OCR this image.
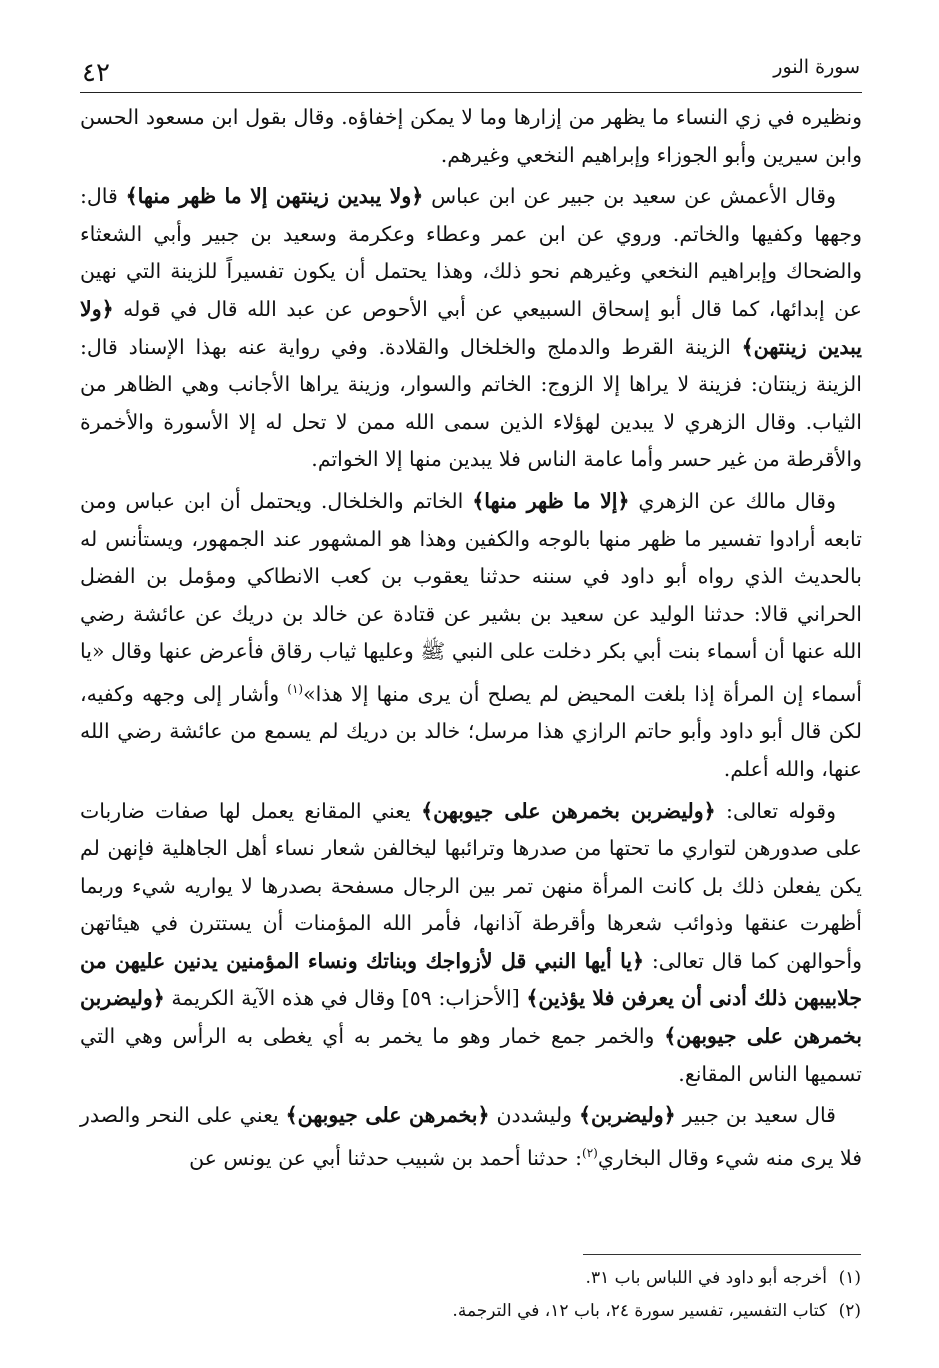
سورة النور
٤٢

ونظيره في زي النساء ما يظهر من إزارها وما لا يمكن إخفاؤه. وقال بقول ابن مسعود الحسن وابن سيرين وأبو الجوزاء وإبراهيم النخعي وغيرهم.

وقال الأعمش عن سعيد بن جبير عن ابن عباس ﴿ولا يبدين زينتهن إلا ما ظهر منها﴾ قال: وجهها وكفيها والخاتم. وروي عن ابن عمر وعطاء وعكرمة وسعيد بن جبير وأبي الشعثاء والضحاك وإبراهيم النخعي وغيرهم نحو ذلك، وهذا يحتمل أن يكون تفسيراً للزينة التي نهين عن إبدائها، كما قال أبو إسحاق السبيعي عن أبي الأحوص عن عبد الله قال في قوله ﴿ولا يبدين زينتهن﴾ الزينة القرط والدملج والخلخال والقلادة. وفي رواية عنه بهذا الإسناد قال: الزينة زينتان: فزينة لا يراها إلا الزوج: الخاتم والسوار، وزينة يراها الأجانب وهي الظاهر من الثياب. وقال الزهري لا يبدين لهؤلاء الذين سمى الله ممن لا تحل له إلا الأسورة والأخمرة والأقرطة من غير حسر وأما عامة الناس فلا يبدين منها إلا الخواتم.

وقال مالك عن الزهري ﴿إلا ما ظهر منها﴾ الخاتم والخلخال. ويحتمل أن ابن عباس ومن تابعه أرادوا تفسير ما ظهر منها بالوجه والكفين وهذا هو المشهور عند الجمهور، ويستأنس له بالحديث الذي رواه أبو داود في سننه حدثنا يعقوب بن كعب الانطاكي ومؤمل بن الفضل الحراني قالا: حدثنا الوليد عن سعيد بن بشير عن قتادة عن خالد بن دريك عن عائشة رضي الله عنها أن أسماء بنت أبي بكر دخلت على النبي ﷺ وعليها ثياب رقاق فأعرض عنها وقال «يا أسماء إن المرأة إذا بلغت المحيض لم يصلح أن يرى منها إلا هذا»$^{(١)}$ وأشار إلى وجهه وكفيه، لكن قال أبو داود وأبو حاتم الرازي هذا مرسل؛ خالد بن دريك لم يسمع من عائشة رضي الله عنها، والله أعلم.

وقوله تعالى: ﴿وليضربن بخمرهن على جيوبهن﴾ يعني المقانع يعمل لها صفات ضاربات على صدورهن لتواري ما تحتها من صدرها وترائبها ليخالفن شعار نساء أهل الجاهلية فإنهن لم يكن يفعلن ذلك بل كانت المرأة منهن تمر بين الرجال مسفحة بصدرها لا يواريه شيء وربما أظهرت عنقها وذوائب شعرها وأقرطة آذانها، فأمر الله المؤمنات أن يستترن في هيئاتهن وأحوالهن كما قال تعالى: ﴿يا أيها النبي قل لأزواجك وبناتك ونساء المؤمنين يدنين عليهن من جلابيبهن ذلك أدنى أن يعرفن فلا يؤذين﴾ [الأحزاب: ٥٩] وقال في هذه الآية الكريمة ﴿وليضربن بخمرهن على جيوبهن﴾ والخمر جمع خمار وهو ما يخمر به أي يغطى به الرأس وهي التي تسميها الناس المقانع.

قال سعيد بن جبير ﴿وليضربن﴾ وليشددن ﴿بخمرهن على جيوبهن﴾ يعني على النحر والصدر فلا يرى منه شيء وقال البخاري$^{(٢)}$: حدثنا أحمد بن شبيب حدثنا أبي عن يونس عن

(١)أخرجه أبو داود في اللباس باب ٣١.
(٢)كتاب التفسير، تفسير سورة ٢٤، باب ١٢، في الترجمة.
